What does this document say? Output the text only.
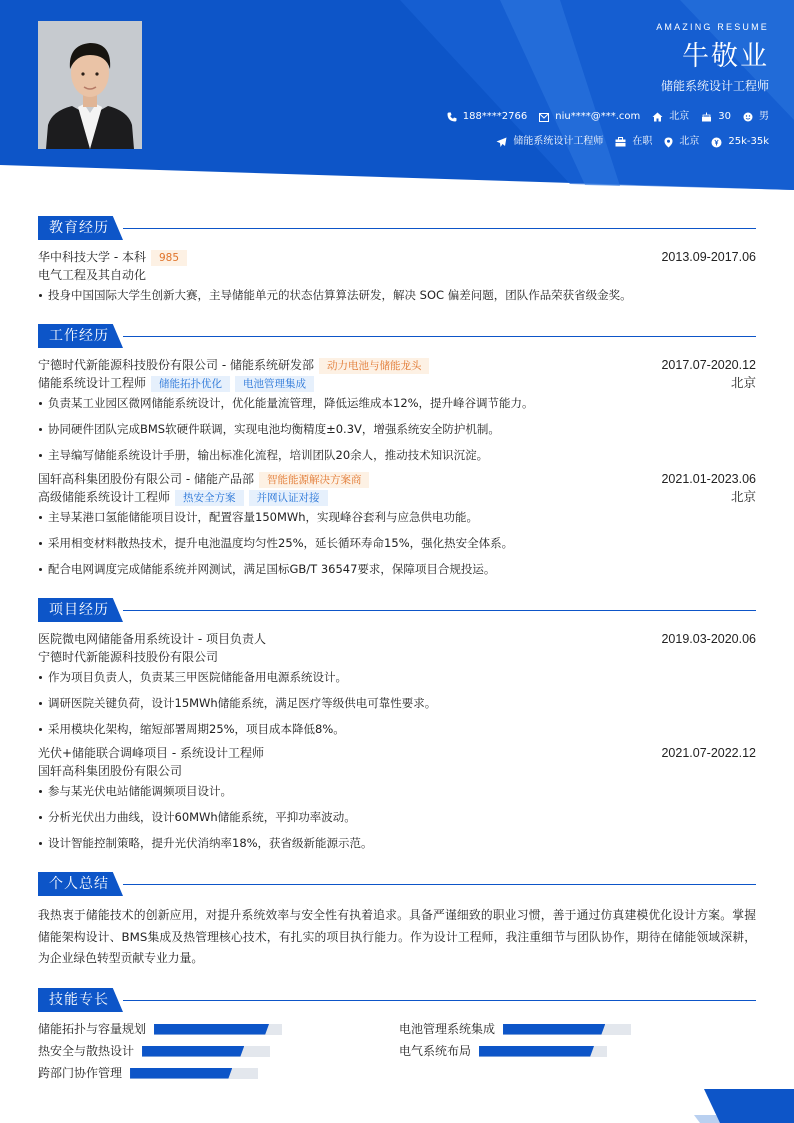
AMAZING RESUME
牛敬业
储能系统设计工程师
188****2766	niu****@***.com	北京	30	男
储能系统设计工程师	在职	北京	25k-35k
教育经历
华中科技大学 - 本科	985	2013.09-2017.06
电气工程及其自动化
投身中国国际大学生创新大赛，主导储能单元的状态估算算法研发，解决 SOC 偏差问题，团队作品荣获省级金奖。
工作经历
宁德时代新能源科技股份有限公司 - 储能系统研发部	动力电池与储能龙头	2017.07-2020.12
储能系统设计工程师	储能拓扑优化	电池管理集成	北京
负责某工业园区微网储能系统设计，优化能量流管理，降低运维成本12%，提升峰谷调节能力。
协同硬件团队完成BMS软硬件联调，实现电池均衡精度±0.3V，增强系统安全防护机制。
主导编写储能系统设计手册，输出标准化流程，培训团队20余人，推动技术知识沉淀。
国轩高科集团股份有限公司 - 储能产品部	智能能源解决方案商	2021.01-2023.06
高级储能系统设计工程师	热安全方案	并网认证对接	北京
主导某港口氢能储能项目设计，配置容量150MWh，实现峰谷套利与应急供电功能。
采用相变材料散热技术，提升电池温度均匀性25%，延长循环寿命15%，强化热安全体系。
配合电网调度完成储能系统并网测试，满足国标GB/T 36547要求，保障项目合规投运。
项目经历
医院微电网储能备用系统设计 - 项目负责人	2019.03-2020.06
宁德时代新能源科技股份有限公司
作为项目负责人，负责某三甲医院储能备用电源系统设计。
调研医院关键负荷，设计15MWh储能系统，满足医疗等级供电可靠性要求。
采用模块化架构，缩短部署周期25%，项目成本降低8%。
光伏+储能联合调峰项目 - 系统设计工程师	2021.07-2022.12
国轩高科集团股份有限公司
参与某光伏电站储能调频项目设计。
分析光伏出力曲线，设计60MWh储能系统，平抑功率波动。
设计智能控制策略，提升光伏消纳率18%，获省级新能源示范。
个人总结
我热衷于储能技术的创新应用，对提升系统效率与安全性有执着追求。具备严谨细致的职业习惯，善于通过仿真建模优化设计方案。掌握储能架构设计、BMS集成及热管理核心技术，有扎实的项目执行能力。作为设计工程师，我注重细节与团队协作，期待在储能领域深耕，为企业绿色转型贡献专业力量。
技能专长
储能拓扑与容量规划	电池管理系统集成
热安全与散热设计	电气系统布局
跨部门协作管理
